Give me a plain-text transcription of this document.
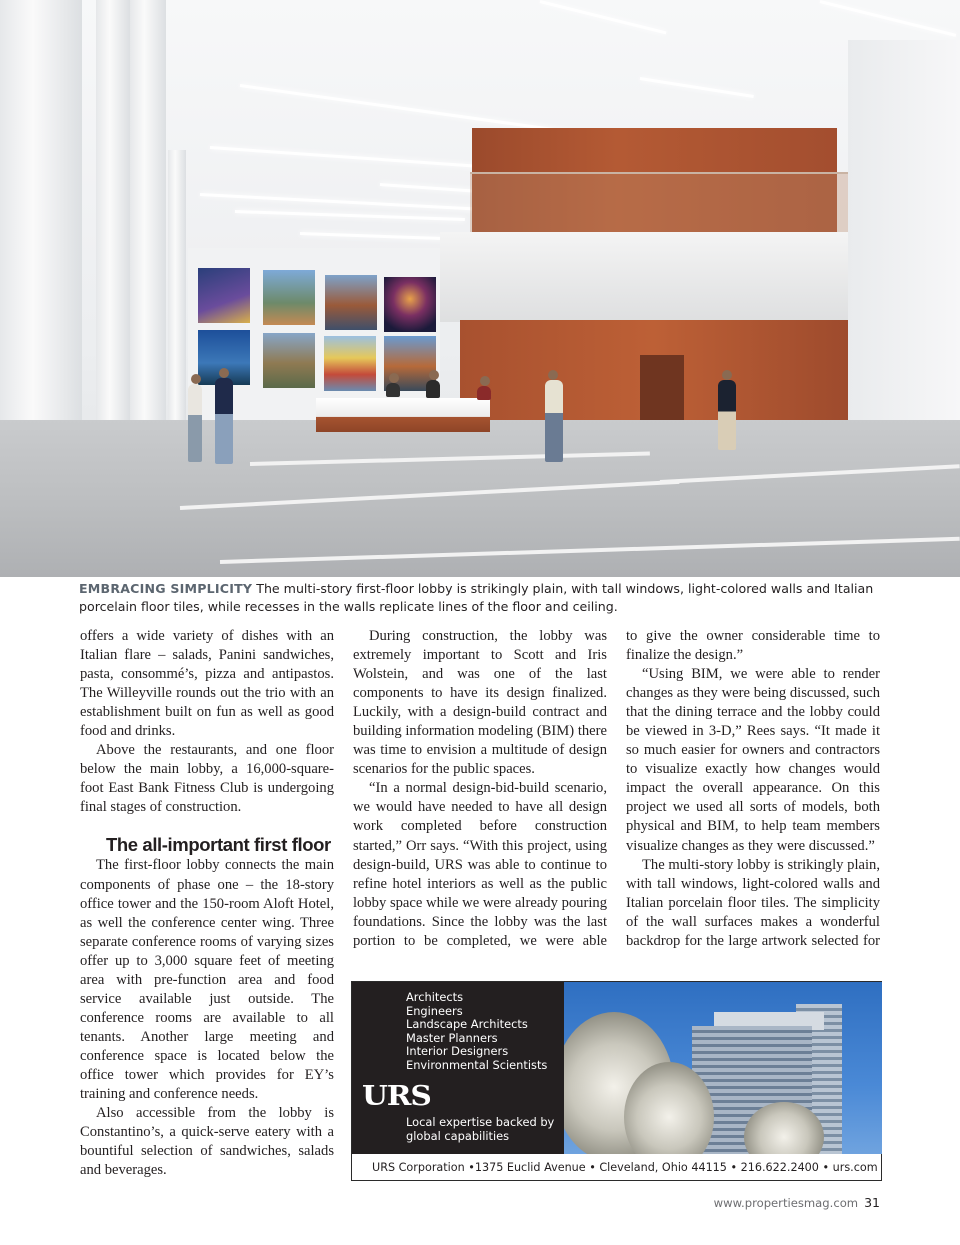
EMBRACING SIMPLICITY The multi-story first-floor lobby is strikingly plain, with tall windows, light-colored walls and Italian porcelain floor tiles, while recesses in the walls replicate lines of the floor and ceiling.

offers a wide variety of dishes with an Italian flare – salads, Panini sandwiches, pasta, consommé’s, pizza and antipastos. The Willeyville rounds out the trio with an establishment built on fun as well as good food and drinks.

Above the restaurants, and one floor below the main lobby, a 16,000-square-foot East Bank Fitness Club is undergoing final stages of construction.

The all-important first floor

The first-floor lobby connects the main components of phase one – the 18-story office tower and the 150-room Aloft Hotel, as well the conference center wing. Three separate conference rooms of varying sizes offer up to 3,000 square feet of meeting area with pre-function area and food service available just outside. The conference rooms are available to all tenants. Another large meeting and conference space is located below the office tower which provides for EY’s training and conference needs.

Also accessible from the lobby is Constantino’s, a quick-serve eatery with a bountiful selection of sandwiches, salads and beverages.

During construction, the lobby was extremely important to Scott and Iris Wolstein, and was one of the last components to have its design finalized. Luckily, with a design-build contract and building information modeling (BIM) there was time to envision a multitude of design scenarios for the public spaces.

“In a normal design-bid-build scenario, we would have needed to have all design work completed before construction started,” Orr says. “With this project, using design-build, URS was able to continue to refine hotel interiors as well as the public lobby space while we were already pouring foundations. Since the lobby was the last portion to be completed, we were able

to give the owner considerable time to finalize the design.”

“Using BIM, we were able to render changes as they were being discussed, such that the dining terrace and the lobby could be viewed in 3-D,” Rees says. “It made it so much easier for owners and contractors to visualize exactly how changes would impact the overall appearance. On this project we used all sorts of models, both physical and BIM, to help team members visualize changes as they were discussed.”

The multi-story lobby is strikingly plain, with tall windows, light-colored walls and Italian porcelain floor tiles. The simplicity of the wall surfaces makes a wonderful backdrop for the large artwork selected for

Architects
Engineers
Landscape Architects
Master Planners
Interior Designers
Environmental Scientists
URS
Local expertise backed by global capabilities
URS Corporation •1375 Euclid Avenue • Cleveland, Ohio 44115 • 216.622.2400 • urs.com
www.propertiesmag.com 31
